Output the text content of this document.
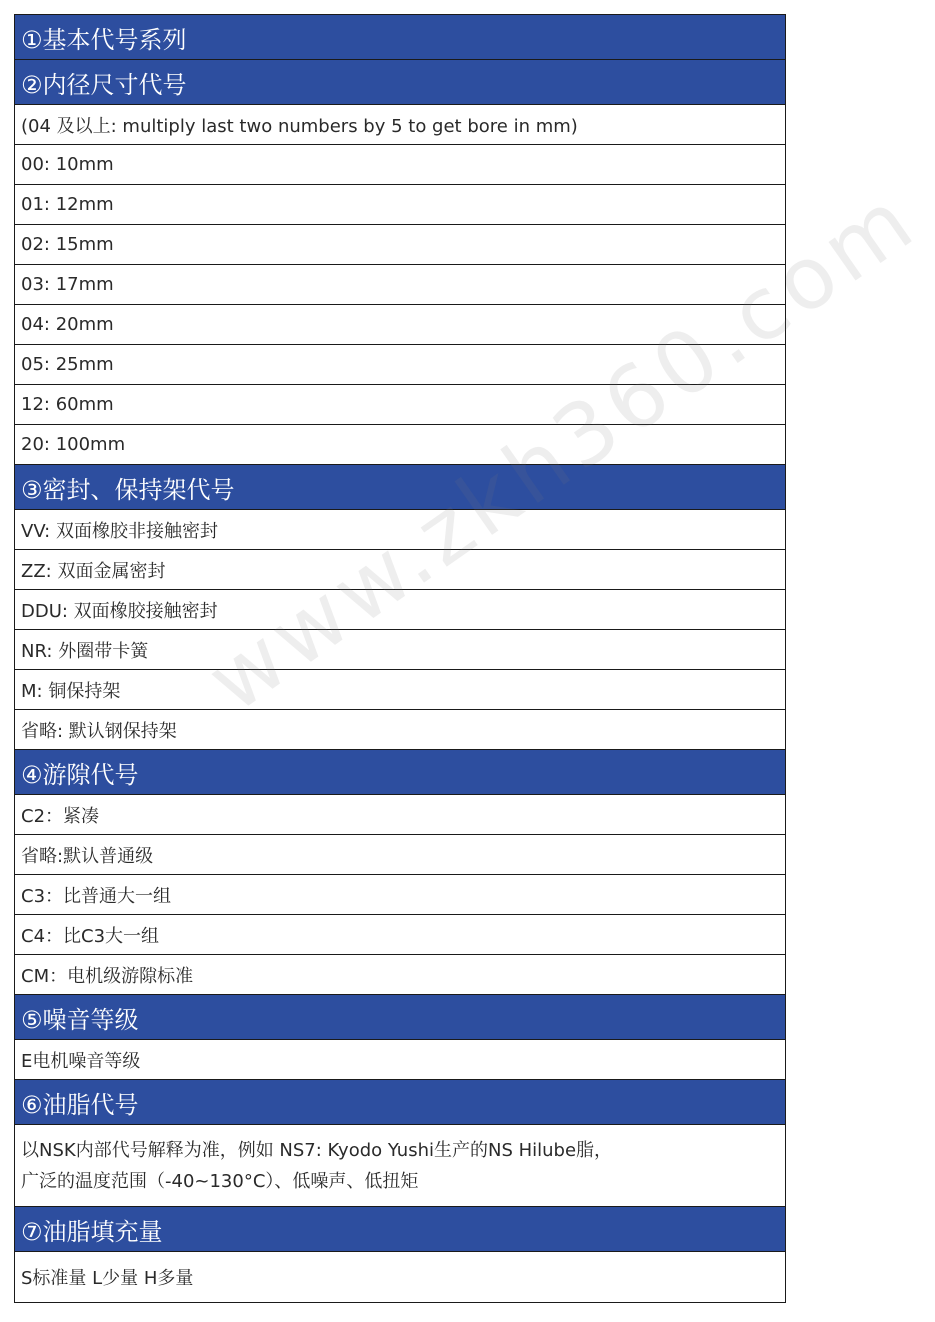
①基本代号系列
②内径尺寸代号
(04 及以上: multiply last two numbers by 5 to get bore in mm)
00: 10mm
01: 12mm
02: 15mm
03: 17mm
04: 20mm
05: 25mm
12: 60mm
20: 100mm
③密封、保持架代号
VV: 双面橡胶非接触密封
ZZ: 双面金属密封
DDU: 双面橡胶接触密封
NR: 外圈带卡簧
M: 铜保持架
省略: 默认钢保持架
④游隙代号
C2：紧凑
省略:默认普通级
C3：比普通大一组
C4：比C3大一组
CM：电机级游隙标准
⑤噪音等级
E电机噪音等级
⑥油脂代号
以NSK内部代号解释为准，例如 NS7: Kyodo Yushi生产的NS Hilube脂，
广泛的温度范围（-40~130°C）、低噪声、低扭矩
⑦油脂填充量
S标准量 L少量 H多量
